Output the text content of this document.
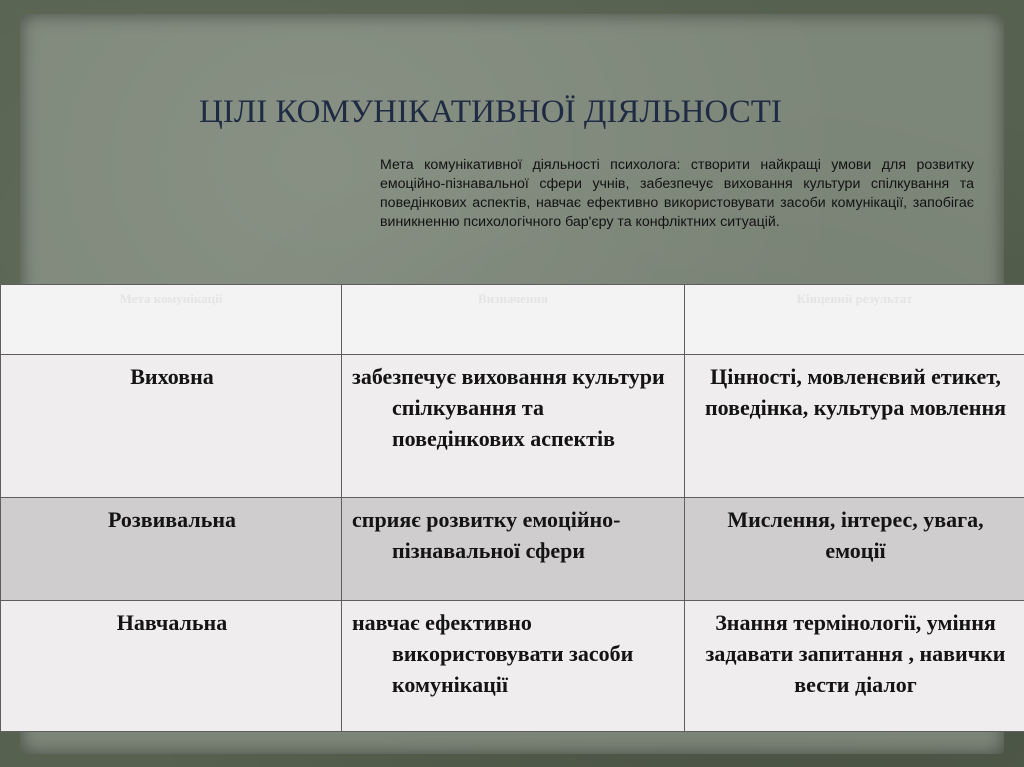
ЦІЛІ КОМУНІКАТИВНОЇ ДІЯЛЬНОСТІ
Мета комунікативної діяльності психолога: створити найкращі умови для розвитку емоційно-пізнавальної сфери учнів, забезпечує виховання культури спілкування та поведінкових аспектів, навчає ефективно використовувати засоби комунікації, запобігає виникненню психологічного бар'єру та конфліктних ситуацій.
Мета комунікації	Визначення	Кінцевий результат
Виховна	забезпечує виховання культури спілкування та поведінкових аспектів	Цінності, мовленєвий етикет, поведінка, культура мовлення
Розвивальна	сприяє розвитку емоційно-пізнавальної сфери	Мислення, інтерес, увага, емоції
Навчальна	навчає ефективно використовувати засоби комунікації	Знання термінології, уміння задавати запитання , навички вести діалог
